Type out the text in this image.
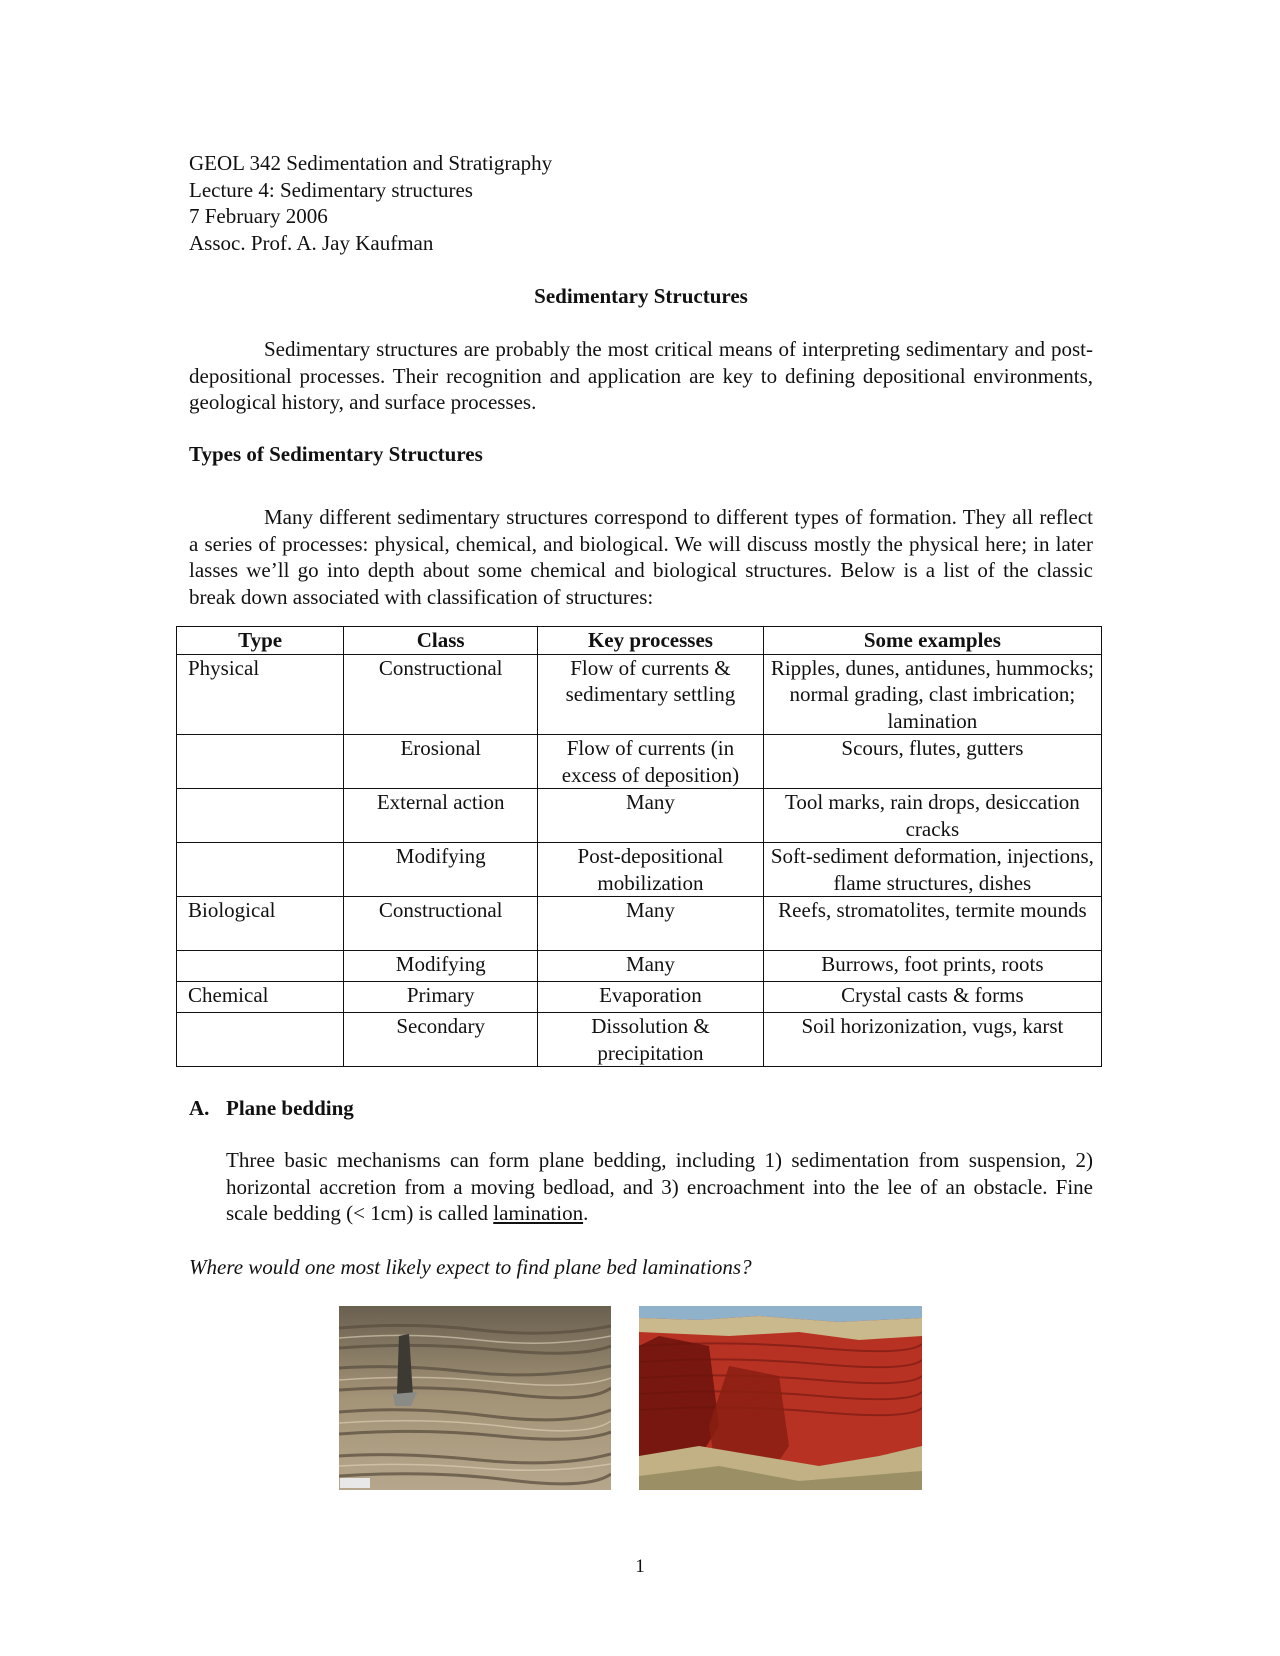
GEOL 342 Sedimentation and Stratigraphy
Lecture 4: Sedimentary structures
7 February 2006
Assoc. Prof. A. Jay Kaufman
Sedimentary Structures
Sedimentary structures are probably the most critical means of interpreting sedimentary and post-depositional processes. Their recognition and application are key to defining depositional environments, geological history, and surface processes.
Types of Sedimentary Structures
Many different sedimentary structures correspond to different types of formation. They all reflect a series of processes: physical, chemical, and biological. We will discuss mostly the physical here; in later lasses we’ll go into depth about some chemical and biological structures. Below is a list of the classic break down associated with classification of structures:
Type	Class	Key processes	Some examples
Physical	Constructional	Flow of currents & sedimentary settling	Ripples, dunes, antidunes, hummocks; normal grading, clast imbrication; lamination
	Erosional	Flow of currents (in excess of deposition)	Scours, flutes, gutters
	External action	Many	Tool marks, rain drops, desiccation cracks
	Modifying	Post-depositional mobilization	Soft-sediment deformation, injections, flame structures, dishes
Biological	Constructional	Many	Reefs, stromatolites, termite mounds
	Modifying	Many	Burrows, foot prints, roots
Chemical	Primary	Evaporation	Crystal casts & forms
	Secondary	Dissolution & precipitation	Soil horizonization, vugs, karst
A. Plane bedding
Three basic mechanisms can form plane bedding, including 1) sedimentation from suspension, 2) horizontal accretion from a moving bedload, and 3) encroachment into the lee of an obstacle. Fine scale bedding (< 1cm) is called lamination.
Where would one most likely expect to find plane bed laminations?
1
